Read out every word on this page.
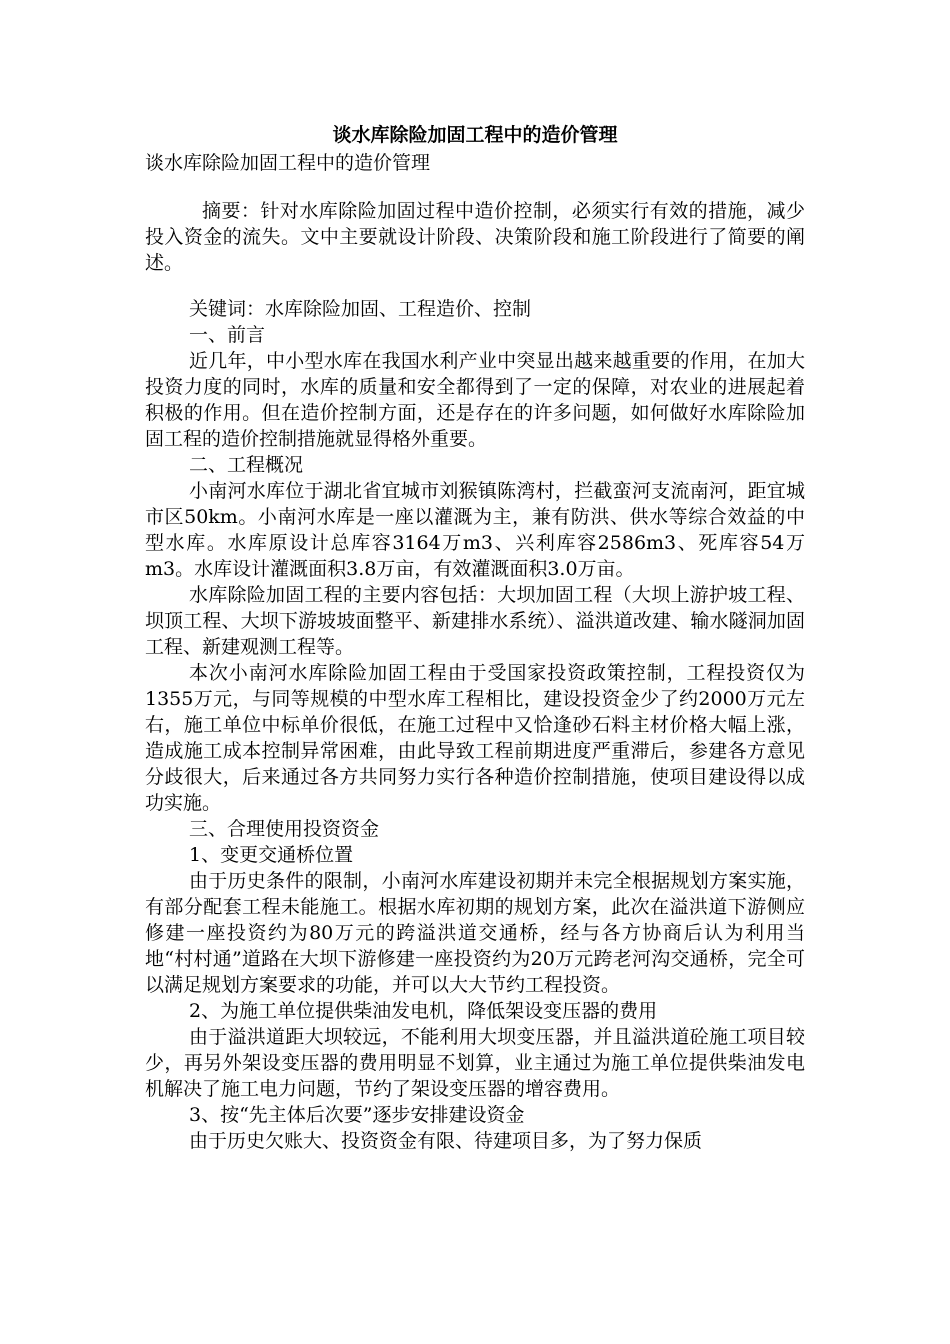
谈水库除险加固工程中的造价管理

谈水库除险加固工程中的造价管理

摘要：针对水库除险加固过程中造价控制，必须实行有效的措施，减少投入资金的流失。文中主要就设计阶段、决策阶段和施工阶段进行了简要的阐述。

关键词：水库除险加固、工程造价、控制

一、前言

近几年，中小型水库在我国水利产业中突显出越来越重要的作用，在加大投资力度的同时，水库的质量和安全都得到了一定的保障，对农业的进展起着积极的作用。但在造价控制方面，还是存在的许多问题，如何做好水库除险加固工程的造价控制措施就显得格外重要。

二、工程概况

小南河水库位于湖北省宜城市刘猴镇陈湾村，拦截蛮河支流南河，距宜城市区50km。小南河水库是一座以灌溉为主，兼有防洪、供水等综合效益的中型水库。水库原设计总库容3164万m3、兴利库容2586m3、死库容54万m3。水库设计灌溉面积3.8万亩，有效灌溉面积3.0万亩。

水库除险加固工程的主要内容包括：大坝加固工程（大坝上游护坡工程、坝顶工程、大坝下游坡坡面整平、新建排水系统）、溢洪道改建、输水隧洞加固工程、新建观测工程等。

本次小南河水库除险加固工程由于受国家投资政策控制，工程投资仅为1355万元，与同等规模的中型水库工程相比，建设投资金少了约2000万元左右，施工单位中标单价很低，在施工过程中又恰逢砂石料主材价格大幅上涨，造成施工成本控制异常困难，由此导致工程前期进度严重滞后，参建各方意见分歧很大，后来通过各方共同努力实行各种造价控制措施，使项目建设得以成功实施。

三、合理使用投资资金

1、变更交通桥位置

由于历史条件的限制，小南河水库建设初期并未完全根据规划方案实施，有部分配套工程未能施工。根据水库初期的规划方案，此次在溢洪道下游侧应修建一座投资约为80万元的跨溢洪道交通桥，经与各方协商后认为利用当地“村村通”道路在大坝下游修建一座投资约为20万元跨老河沟交通桥，完全可以满足规划方案要求的功能，并可以大大节约工程投资。

2、为施工单位提供柴油发电机，降低架设变压器的费用

由于溢洪道距大坝较远，不能利用大坝变压器，并且溢洪道砼施工项目较少，再另外架设变压器的费用明显不划算，业主通过为施工单位提供柴油发电机解决了施工电力问题，节约了架设变压器的增容费用。

3、按“先主体后次要”逐步安排建设资金

由于历史欠账大、投资资金有限、待建项目多，为了努力保质
